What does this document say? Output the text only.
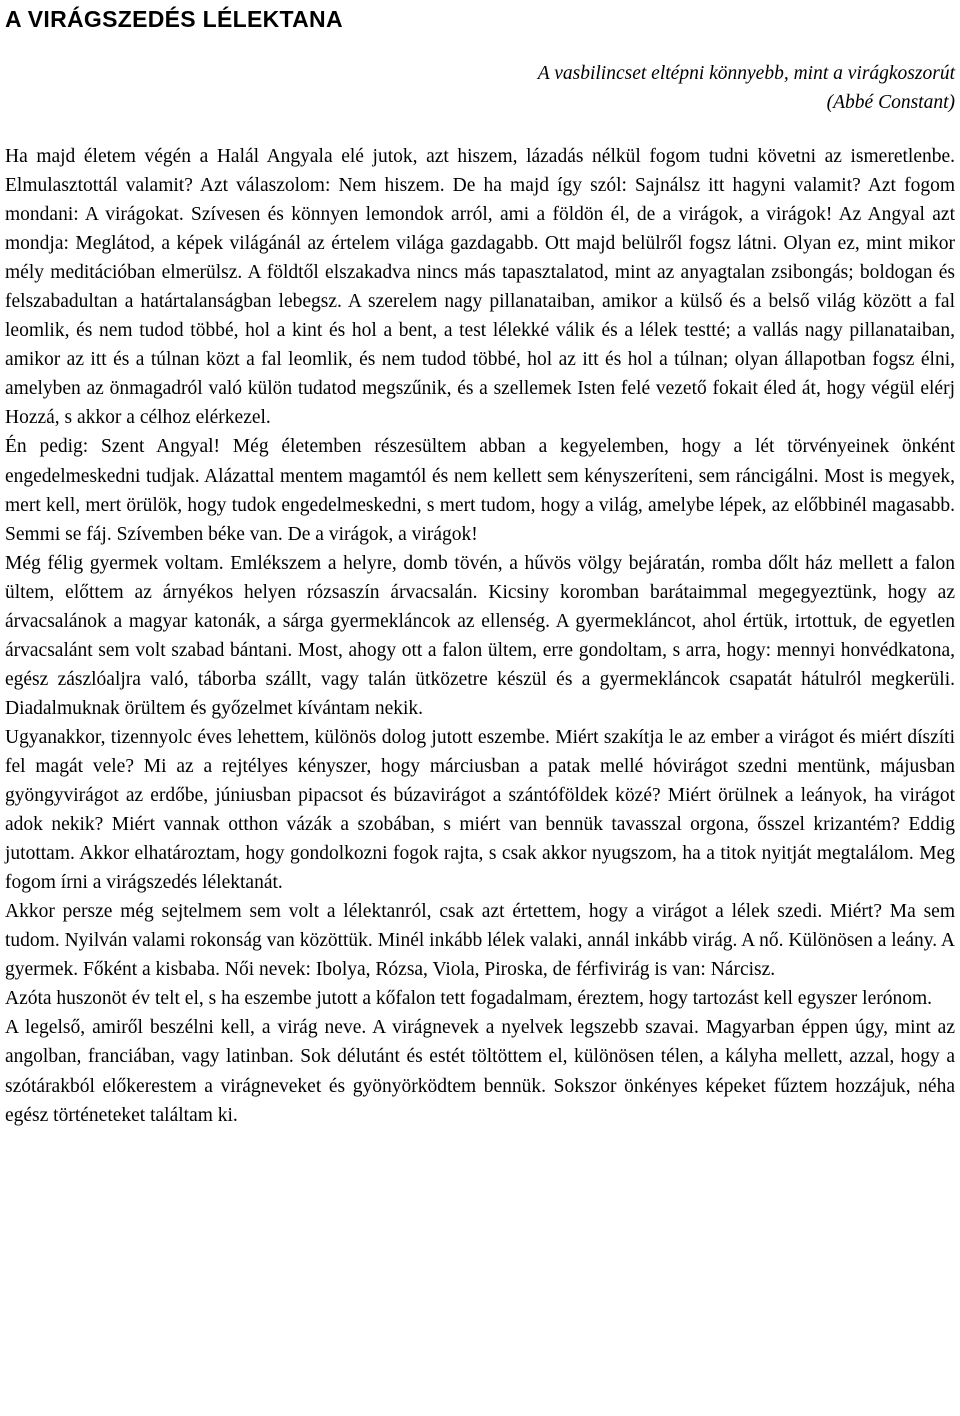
A VIRÁGSZEDÉS LÉLEKTANA
A vasbilincset eltépni könnyebb, mint a virágkoszorút
(Abbé Constant)

Ha majd életem végén a Halál Angyala elé jutok, azt hiszem, lázadás nélkül fogom tudni követni az ismeretlenbe. Elmulasztottál valamit? Azt válaszolom: Nem hiszem. De ha majd így szól: Sajnálsz itt hagyni valamit? Azt fogom mondani: A virágokat. Szívesen és könnyen lemondok arról, ami a földön él, de a virágok, a virágok! Az Angyal azt mondja: Meglátod, a képek világánál az értelem világa gazdagabb. Ott majd belülről fogsz látni. Olyan ez, mint mikor mély meditációban elmerülsz. A földtől elszakadva nincs más tapasztalatod, mint az anyagtalan zsibongás; boldogan és felszabadultan a határtalanságban lebegsz. A szerelem nagy pillanataiban, amikor a külső és a belső világ között a fal leomlik, és nem tudod többé, hol a kint és hol a bent, a test lélekké válik és a lélek testté; a vallás nagy pillanataiban, amikor az itt és a túlnan közt a fal leomlik, és nem tudod többé, hol az itt és hol a túlnan; olyan állapotban fogsz élni, amelyben az önmagadról való külön tudatod megszűnik, és a szellemek Isten felé vezető fokait éled át, hogy végül elérj Hozzá, s akkor a célhoz elérkezel.

Én pedig: Szent Angyal! Még életemben részesültem abban a kegyelemben, hogy a lét törvényeinek önként engedelmeskedni tudjak. Alázattal mentem magamtól és nem kellett sem kényszeríteni, sem ráncigálni. Most is megyek, mert kell, mert örülök, hogy tudok engedelmeskedni, s mert tudom, hogy a világ, amelybe lépek, az előbbinél magasabb. Semmi se fáj. Szívemben béke van. De a virágok, a virágok!

Még félig gyermek voltam. Emlékszem a helyre, domb tövén, a hűvös völgy bejáratán, romba dőlt ház mellett a falon ültem, előttem az árnyékos helyen rózsaszín árvacsalán. Kicsiny koromban barátaimmal megegyeztünk, hogy az árvacsalánok a magyar katonák, a sárga gyermekláncok az ellenség. A gyermekláncot, ahol értük, irtottuk, de egyetlen árvacsalánt sem volt szabad bántani. Most, ahogy ott a falon ültem, erre gondoltam, s arra, hogy: mennyi honvédkatona, egész zászlóaljra való, táborba szállt, vagy talán ütközetre készül és a gyermekláncok csapatát hátulról megkerüli. Diadalmuknak örültem és győzelmet kívántam nekik.

Ugyanakkor, tizennyolc éves lehettem, különös dolog jutott eszembe. Miért szakítja le az ember a virágot és miért díszíti fel magát vele? Mi az a rejtélyes kényszer, hogy márciusban a patak mellé hóvirágot szedni mentünk, májusban gyöngyvirágot az erdőbe, júniusban pipacsot és búzavirágot a szántóföldek közé? Miért örülnek a leányok, ha virágot adok nekik? Miért vannak otthon vázák a szobában, s miért van bennük tavasszal orgona, ősszel krizantém? Eddig jutottam. Akkor elhatároztam, hogy gondolkozni fogok rajta, s csak akkor nyugszom, ha a titok nyitját megtalálom. Meg fogom írni a virágszedés lélektanát.

Akkor persze még sejtelmem sem volt a lélektanról, csak azt értettem, hogy a virágot a lélek szedi. Miért? Ma sem tudom. Nyilván valami rokonság van közöttük. Minél inkább lélek valaki, annál inkább virág. A nő. Különösen a leány. A gyermek. Főként a kisbaba. Női nevek: Ibolya, Rózsa, Viola, Piroska, de férfivirág is van: Nárcisz.

Azóta huszonöt év telt el, s ha eszembe jutott a kőfalon tett fogadalmam, éreztem, hogy tartozást kell egyszer lerónom.

A legelső, amiről beszélni kell, a virág neve. A virágnevek a nyelvek legszebb szavai. Magyarban éppen úgy, mint az angolban, franciában, vagy latinban. Sok délutánt és estét töltöttem el, különösen télen, a kályha mellett, azzal, hogy a szótárakból előkerestem a virágneveket és gyönyörködtem bennük. Sokszor önkényes képeket fűztem hozzájuk, néha egész történeteket találtam ki.
